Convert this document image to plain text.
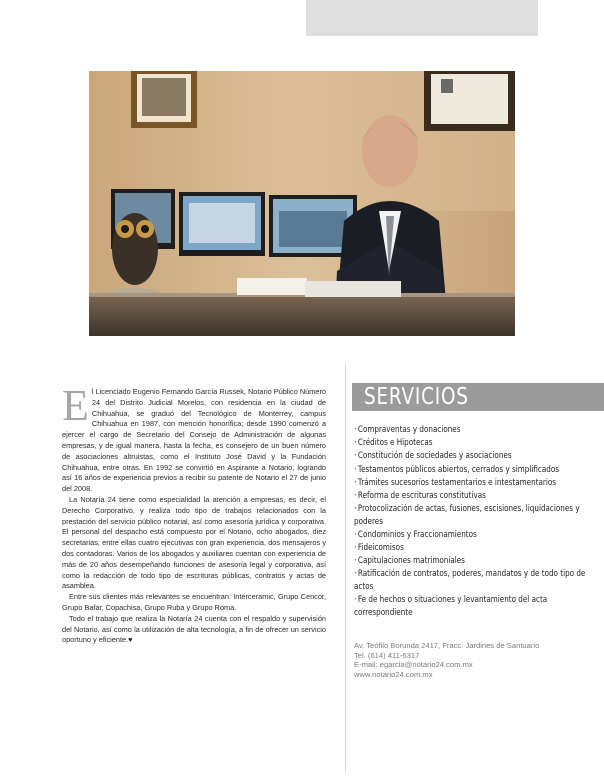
El Licenciado Eugenio Fernando García Russek, Notario Público Número 24 del Distrito Judicial Morelos, con residencia en la ciudad de Chihuahua, se graduó del Tecnológico de Monterrey, campus Chihuahua en 1987, con mención honorífica; desde 1990 comenzó a ejercer el cargo de Secretario del Consejo de Administración de algunas empresas, y de igual manera, hasta la fecha, es consejero de un buen número de asociaciones altruistas, como el Instituto José David y la Fundación Chihuahua, entre otras. En 1992 se convirtió en Aspirante a Notario, logrando así 16 años de experiencia previos a recibir su patente de Notario el 27 de junio del 2008.

La Notaría 24 tiene como especialidad la atención a empresas, es decir, el Derecho Corporativo, y realiza todo tipo de trabajos relacionados con la prestación del servicio público notarial, así como asesoría jurídica y corporativa. El personal del despacho está compuesto por el Notario, ocho abogados, diez secretarias, entre ellas cuatro ejecutivas con gran experiencia, dos mensajeros y dos contadoras. Varios de los abogados y auxiliares cuentan con experiencia de más de 20 años desempeñando funciones de asesoría legal y corporativa, así como la redacción de todo tipo de escrituras públicas, contratos y actas de asamblea.

Entre sus clientes más relevantes se encuentran: Interceramic, Grupo Cencor, Grupo Bafar, Copachisa, Grupo Ruba y Grupo Roma.

Todo el trabajo que realiza la Notaría 24 cuenta con el respaldo y supervisión del Notario, así como la utilización de alta tecnología, a fin de ofrecer un servicio oportuno y eficiente.♥

SERVICIOS
•Compraventas y donaciones
•Créditos e Hipotecas
•Constitución de sociedades y asociaciones
•Testamentos públicos abiertos, cerrados y simplificados
•Trámites sucesorios testamentarios e intestamentarios
•Reforma de escrituras constitutivas
•Protocolización de actas, fusiones, escisiones, liquidaciones y poderes
•Condominios y Fraccionamientos
•Fideicomisos
•Capitulaciones matrimoniales
•Ratificación de contratos, poderes, mandatos y de todo tipo de actos
•Fe de hechos o situaciones y levantamiento del acta correspondiente
Av. Teófilo Borunda 2417, Fracc. Jardines de Santuario
Tel. (614) 411-6317
E-mail: egarcia@notario24.com.mx
www.notario24.com.mx
